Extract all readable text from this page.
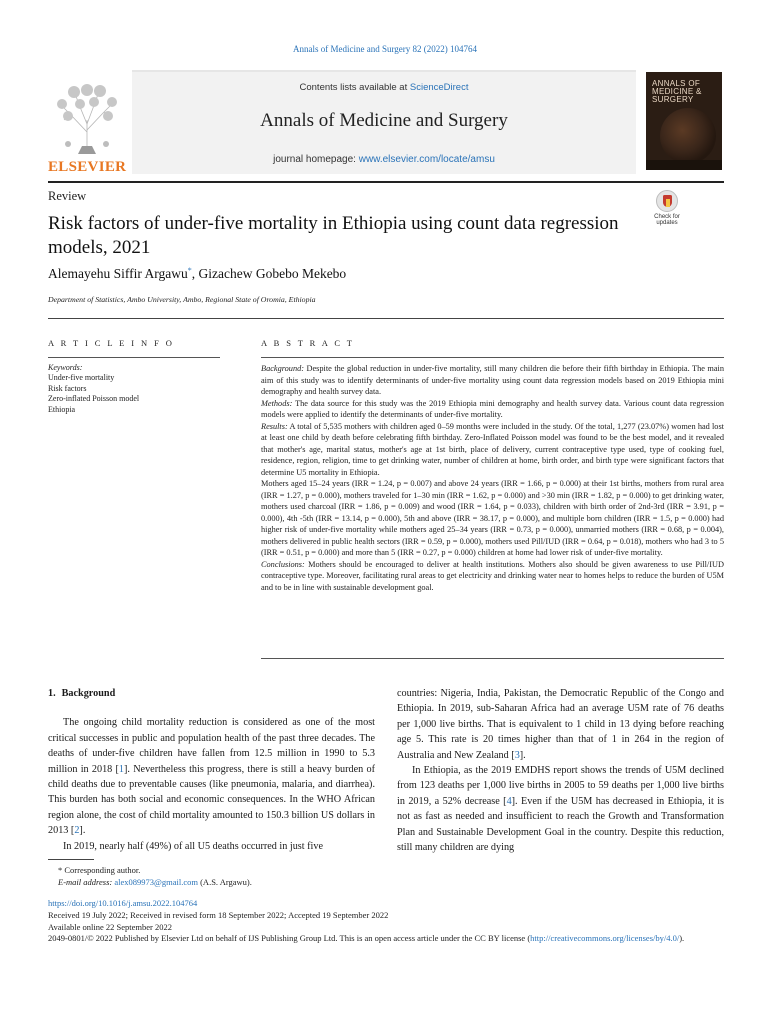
Annals of Medicine and Surgery 82 (2022) 104764
ELSEVIER
Contents lists available at ScienceDirect
Annals of Medicine and Surgery
journal homepage: www.elsevier.com/locate/amsu
ANNALS OF MEDICINE & SURGERY
Review
Risk factors of under-five mortality in Ethiopia using count data regression models, 2021
Check for updates
Alemayehu Siffir Argawu*, Gizachew Gobebo Mekebo
Department of Statistics, Ambo University, Ambo, Regional State of Oromia, Ethiopia
A R T I C L E I N F O	A B S T R A C T
Keywords:
Under-five mortality
Risk factors
Zero-inflated Poisson model
Ethiopia

Background: Despite the global reduction in under-five mortality, still many children die before their fifth birthday in Ethiopia. The main aim of this study was to identify determinants of under-five mortality using count data regression models based on 2019 Ethiopia mini demography and health survey data.

Methods: The data source for this study was the 2019 Ethiopia mini demography and health survey data. Various count data regression models were applied to identify the determinants of under-five mortality.

Results: A total of 5,535 mothers with children aged 0–59 months were included in the study. Of the total, 1,277 (23.07%) women had lost at least one child by death before celebrating fifth birthday. Zero-Inflated Poisson model was found to be the best model, and it revealed that mother's age, marital status, mother's age at 1st birth, place of delivery, current contraceptive type used, type of cooking fuel, residence, region, religion, time to get drinking water, number of children at home, birth order, and birth type were significant factors that determine U5 mortality in Ethiopia.

Mothers aged 15–24 years (IRR = 1.24, p = 0.007) and above 24 years (IRR = 1.66, p = 0.000) at their 1st births, mothers from rural area (IRR = 1.27, p = 0.000), mothers traveled for 1–30 min (IRR = 1.62, p = 0.000) and >30 min (IRR = 1.82, p = 0.000) to get drinking water, mothers used charcoal (IRR = 1.86, p = 0.009) and wood (IRR = 1.64, p = 0.033), children with birth order of 2nd-3rd (IRR = 3.91, p = 0.000), 4th -5th (IRR = 13.14, p = 0.000), 5th and above (IRR = 38.17, p = 0.000), and multiple born children (IRR = 1.5, p = 0.000) had higher risk of under-five mortality while mothers aged 25–34 years (IRR = 0.73, p = 0.000), unmarried mothers (IRR = 0.68, p = 0.004), mothers delivered in public health sectors (IRR = 0.59, p = 0.000), mothers used Pill/IUD (IRR = 0.64, p = 0.018), mothers who had 3 to 5 (IRR = 0.51, p = 0.000) and more than 5 (IRR = 0.27, p = 0.000) children at home had lower risk of under-five mortality.

Conclusions: Mothers should be encouraged to deliver at health institutions. Mothers also should be given awareness to use Pill/IUD contraceptive type. Moreover, facilitating rural areas to get electricity and drinking water near to homes helps to reduce the burden of U5M and to be in line with sustainable development goal.

1. Background

The ongoing child mortality reduction is considered as one of the most critical successes in public and population health of the past three decades. The deaths of under-five children have fallen from 12.5 million in 1990 to 5.3 million in 2018 [1]. Nevertheless this progress, there is still a heavy burden of child deaths due to preventable causes (like pneumonia, malaria, and diarrhea). This burden has both social and economic consequences. In the WHO African region alone, the cost of child mortality amounted to 150.3 billion US dollars in 2013 [2].

In 2019, nearly half (49%) of all U5 deaths occurred in just five

countries: Nigeria, India, Pakistan, the Democratic Republic of the Congo and Ethiopia. In 2019, sub-Saharan Africa had an average U5M rate of 76 deaths per 1,000 live births. That is equivalent to 1 child in 13 dying before reaching age 5. This rate is 20 times higher than that of 1 in 264 in the region of Australia and New Zealand [3].

In Ethiopia, as the 2019 EMDHS report shows the trends of U5M declined from 123 deaths per 1,000 live births in 2005 to 59 deaths per 1,000 live births in 2019, a 52% decrease [4]. Even if the U5M has decreased in Ethiopia, it is not as fast as needed and insufficient to reach the Growth and Transformation Plan and Sustainable Development Goal in the country. Despite this reduction, still many children are dying

* Corresponding author.
E-mail address: alex089973@gmail.com (A.S. Argawu).
https://doi.org/10.1016/j.amsu.2022.104764
Received 19 July 2022; Received in revised form 18 September 2022; Accepted 19 September 2022
Available online 22 September 2022
2049-0801/© 2022 Published by Elsevier Ltd on behalf of IJS Publishing Group Ltd. This is an open access article under the CC BY license (http://creativecommons.org/licenses/by/4.0/).
